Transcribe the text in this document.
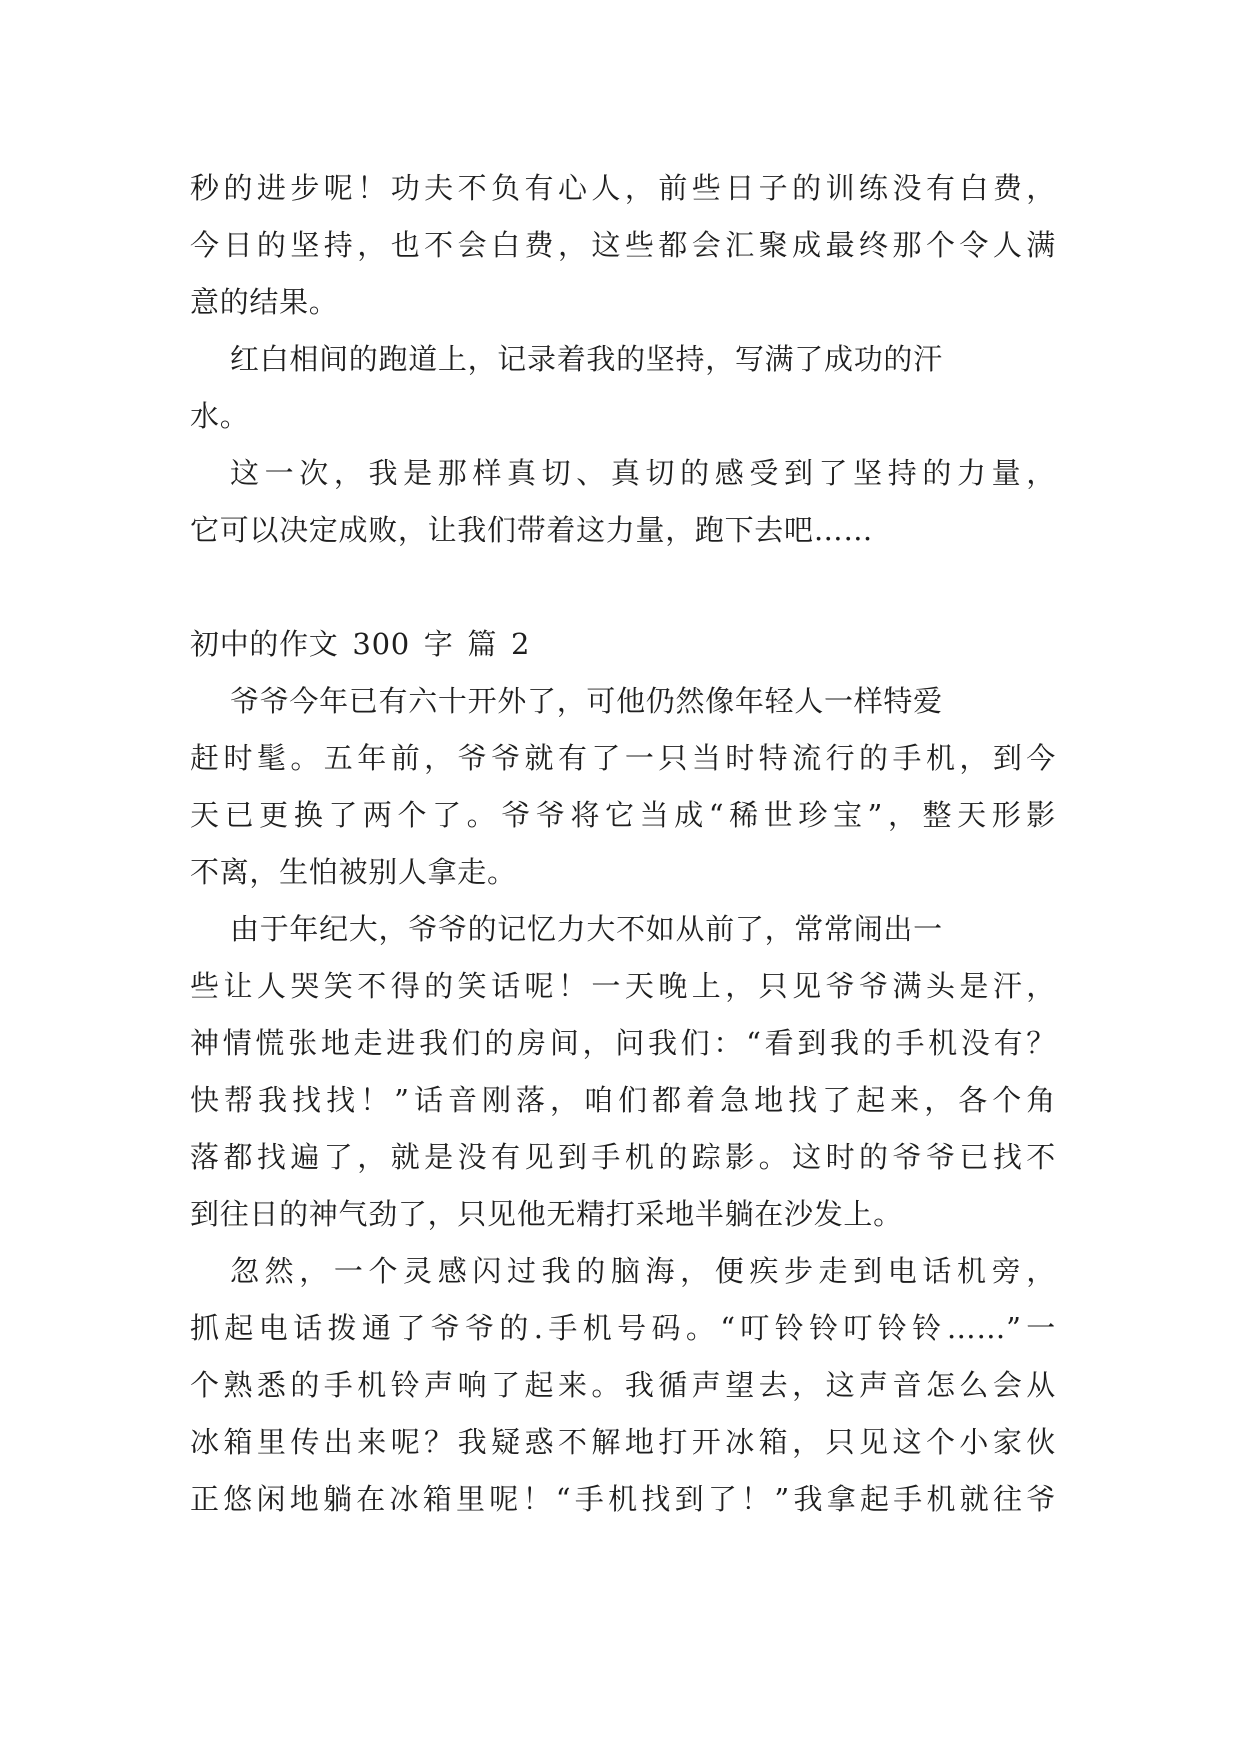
秒的进步呢！功夫不负有心人，前些日子的训练没有白费，
今日的坚持，也不会白费，这些都会汇聚成最终那个令人满
意的结果。
红白相间的跑道上，记录着我的坚持，写满了成功的汗
水。
这一次，我是那样真切、真切的感受到了坚持的力量，
它可以决定成败，让我们带着这力量，跑下去吧……
初中的作文 300 字 篇 2
爷爷今年已有六十开外了，可他仍然像年轻人一样特爱
赶时髦。五年前，爷爷就有了一只当时特流行的手机，到今
天已更换了两个了。爷爷将它当成“稀世珍宝”，整天形影
不离，生怕被别人拿走。
由于年纪大，爷爷的记忆力大不如从前了，常常闹出一
些让人哭笑不得的笑话呢！一天晚上，只见爷爷满头是汗，
神情慌张地走进我们的房间，问我们：“看到我的手机没有？
快帮我找找！”话音刚落，咱们都着急地找了起来，各个角
落都找遍了，就是没有见到手机的踪影。这时的爷爷已找不
到往日的神气劲了，只见他无精打采地半躺在沙发上。
忽然，一个灵感闪过我的脑海，便疾步走到电话机旁，
抓起电话拨通了爷爷的.手机号码。“叮铃铃叮铃铃……”一
个熟悉的手机铃声响了起来。我循声望去，这声音怎么会从
冰箱里传出来呢？我疑惑不解地打开冰箱，只见这个小家伙
正悠闲地躺在冰箱里呢！“手机找到了！”我拿起手机就往爷
